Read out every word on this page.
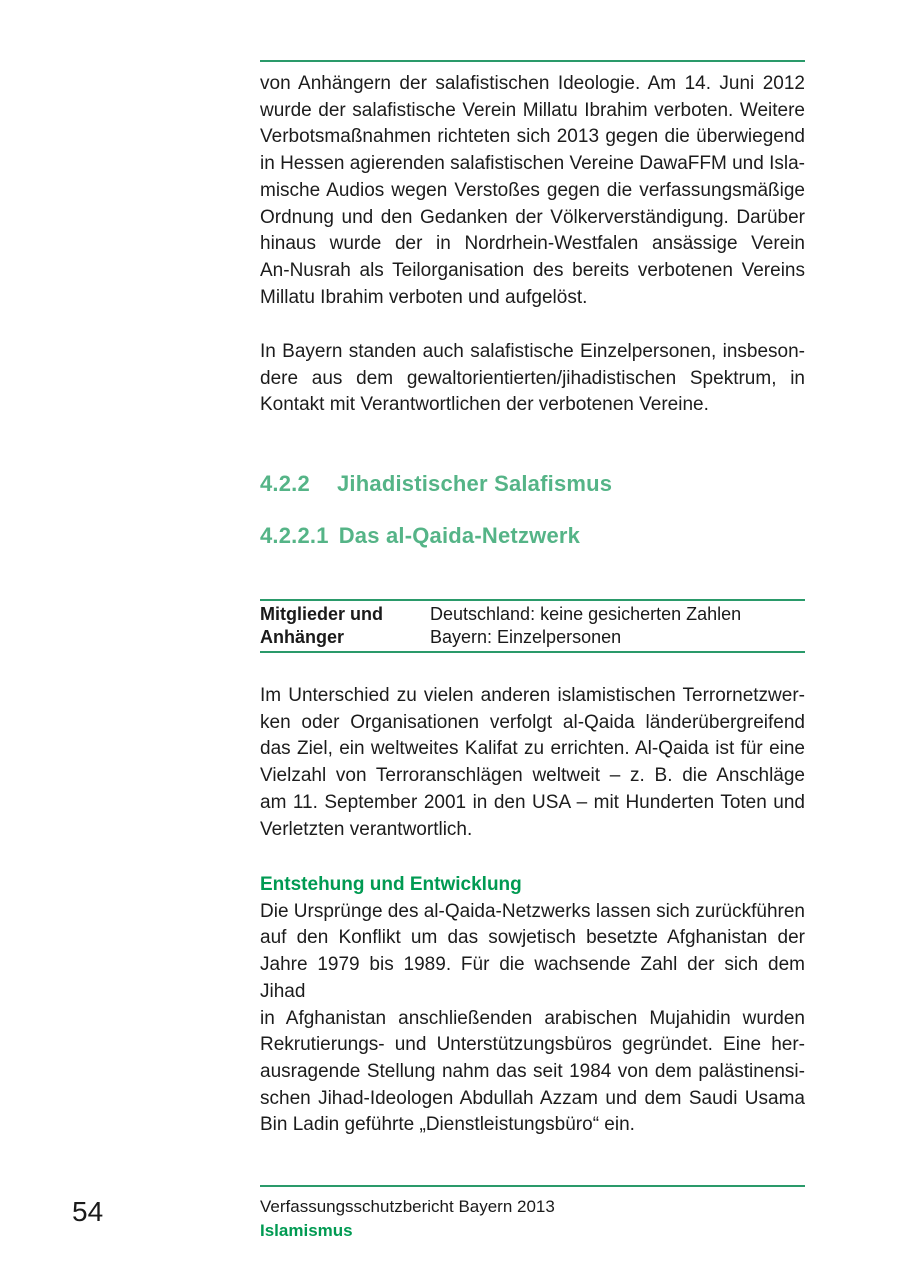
von Anhängern der salafistischen Ideologie. Am 14. Juni 2012
wurde der salafistische Verein Millatu Ibrahim verboten. Weitere
Verbotsmaßnahmen richteten sich 2013 gegen die überwiegend
in Hessen agierenden salafistischen Vereine DawaFFM und Isla-
mische Audios wegen Verstoßes gegen die verfassungsmäßige
Ordnung und den Gedanken der Völkerverständigung. Darüber
hinaus wurde der in Nordrhein-Westfalen ansässige Verein
An-Nusrah als Teilorganisation des bereits verbotenen Vereins
Millatu Ibrahim verboten und aufgelöst.
In Bayern standen auch salafistische Einzelpersonen, insbeson-
dere aus dem gewaltorientierten/jihadistischen Spektrum, in
Kontakt mit Verantwortlichen der verbotenen Vereine.
4.2.2 Jihadistischer Salafismus
4.2.2.1 Das al-Qaida-Netzwerk
Mitglieder und
Anhänger
Deutschland: keine gesicherten Zahlen
Bayern: Einzelpersonen
Im Unterschied zu vielen anderen islamistischen Terrornetzwer-
ken oder Organisationen verfolgt al-Qaida länderübergreifend
das Ziel, ein weltweites Kalifat zu errichten. Al-Qaida ist für eine
Vielzahl von Terroranschlägen weltweit – z. B. die Anschläge
am 11. September 2001 in den USA – mit Hunderten Toten und
Verletzten verantwortlich.
Entstehung und Entwicklung
Die Ursprünge des al-Qaida-Netzwerks lassen sich zurückführen
auf den Konflikt um das sowjetisch besetzte Afghanistan der
Jahre 1979 bis 1989. Für die wachsende Zahl der sich dem Jihad
in Afghanistan anschließenden arabischen Mujahidin wurden
Rekrutierungs- und Unterstützungsbüros gegründet. Eine her-
ausragende Stellung nahm das seit 1984 von dem palästinensi-
schen Jihad-Ideologen Abdullah Azzam und dem Saudi Usama
Bin Ladin geführte „Dienstleistungsbüro“ ein.
54	Verfassungsschutzbericht Bayern 2013
Islamismus
